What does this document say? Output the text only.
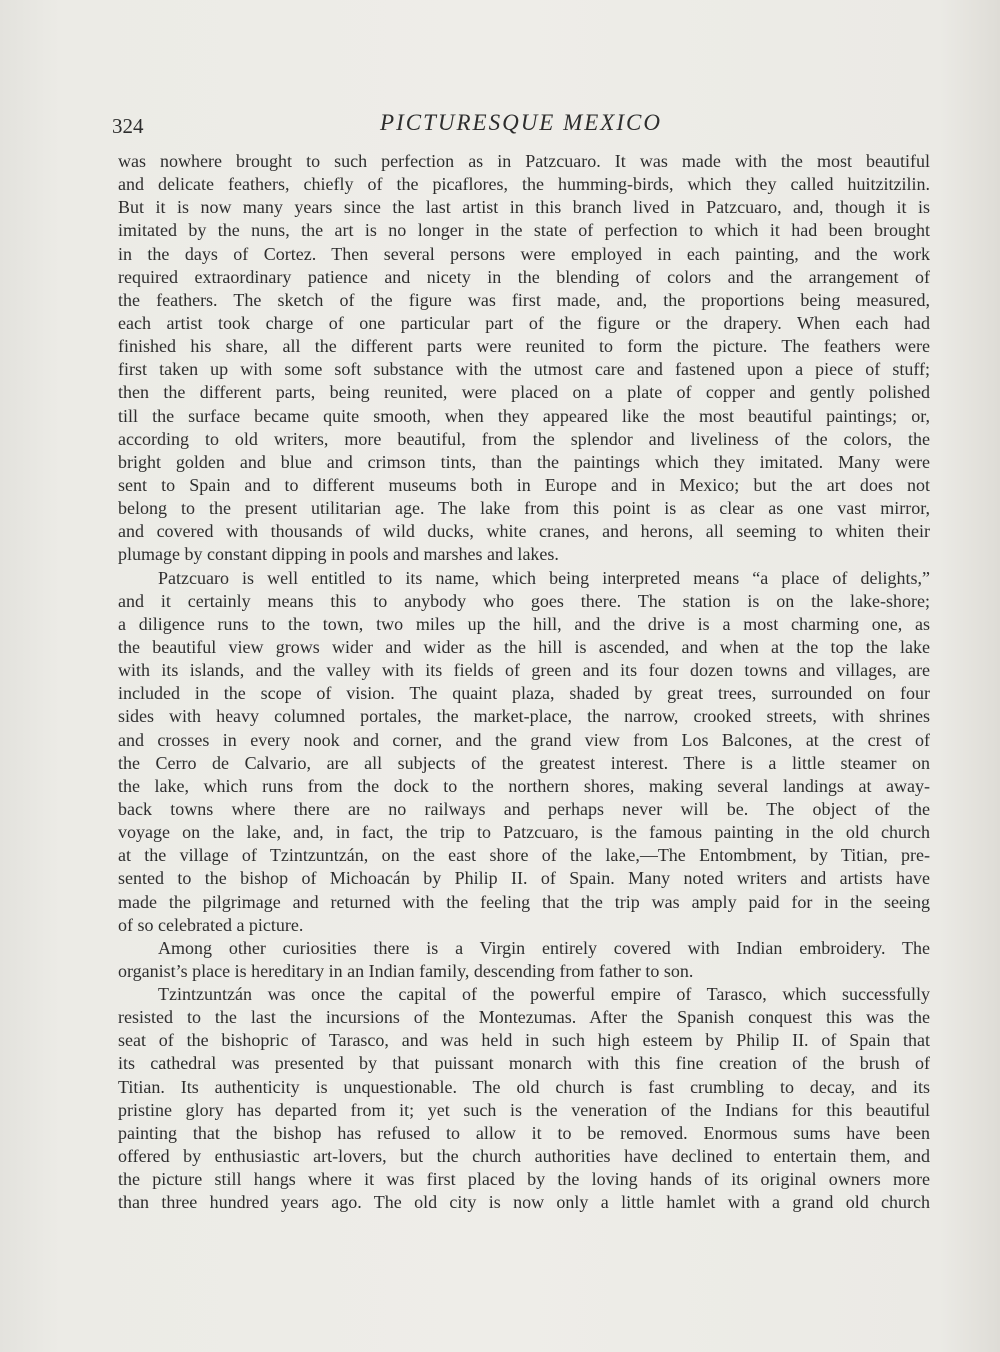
324	PICTURESQUE MEXICO
was nowhere brought to such perfection as in Patzcuaro. It was made with the most beautiful
and delicate feathers, chiefly of the picaflores, the humming-birds, which they called huitzitzilin.
But it is now many years since the last artist in this branch lived in Patzcuaro, and, though it is
imitated by the nuns, the art is no longer in the state of perfection to which it had been brought
in the days of Cortez. Then several persons were employed in each painting, and the work
required extraordinary patience and nicety in the blending of colors and the arrangement of
the feathers. The sketch of the figure was first made, and, the proportions being measured,
each artist took charge of one particular part of the figure or the drapery. When each had
finished his share, all the different parts were reunited to form the picture. The feathers were
first taken up with some soft substance with the utmost care and fastened upon a piece of stuff;
then the different parts, being reunited, were placed on a plate of copper and gently polished
till the surface became quite smooth, when they appeared like the most beautiful paintings; or,
according to old writers, more beautiful, from the splendor and liveliness of the colors, the
bright golden and blue and crimson tints, than the paintings which they imitated. Many were
sent to Spain and to different museums both in Europe and in Mexico; but the art does not
belong to the present utilitarian age. The lake from this point is as clear as one vast mirror,
and covered with thousands of wild ducks, white cranes, and herons, all seeming to whiten their
plumage by constant dipping in pools and marshes and lakes.
Patzcuaro is well entitled to its name, which being interpreted means “a place of delights,”
and it certainly means this to anybody who goes there. The station is on the lake-shore;
a diligence runs to the town, two miles up the hill, and the drive is a most charming one, as
the beautiful view grows wider and wider as the hill is ascended, and when at the top the lake
with its islands, and the valley with its fields of green and its four dozen towns and villages, are
included in the scope of vision. The quaint plaza, shaded by great trees, surrounded on four
sides with heavy columned portales, the market-place, the narrow, crooked streets, with shrines
and crosses in every nook and corner, and the grand view from Los Balcones, at the crest of
the Cerro de Calvario, are all subjects of the greatest interest. There is a little steamer on
the lake, which runs from the dock to the northern shores, making several landings at away-
back towns where there are no railways and perhaps never will be. The object of the
voyage on the lake, and, in fact, the trip to Patzcuaro, is the famous painting in the old church
at the village of Tzintzuntzán, on the east shore of the lake,—The Entombment, by Titian, pre-
sented to the bishop of Michoacán by Philip II. of Spain. Many noted writers and artists have
made the pilgrimage and returned with the feeling that the trip was amply paid for in the seeing
of so celebrated a picture.
Among other curiosities there is a Virgin entirely covered with Indian embroidery. The
organist’s place is hereditary in an Indian family, descending from father to son.
Tzintzuntzán was once the capital of the powerful empire of Tarasco, which successfully
resisted to the last the incursions of the Montezumas. After the Spanish conquest this was the
seat of the bishopric of Tarasco, and was held in such high esteem by Philip II. of Spain that
its cathedral was presented by that puissant monarch with this fine creation of the brush of
Titian. Its authenticity is unquestionable. The old church is fast crumbling to decay, and its
pristine glory has departed from it; yet such is the veneration of the Indians for this beautiful
painting that the bishop has refused to allow it to be removed. Enormous sums have been
offered by enthusiastic art-lovers, but the church authorities have declined to entertain them, and
the picture still hangs where it was first placed by the loving hands of its original owners more
than three hundred years ago. The old city is now only a little hamlet with a grand old church
